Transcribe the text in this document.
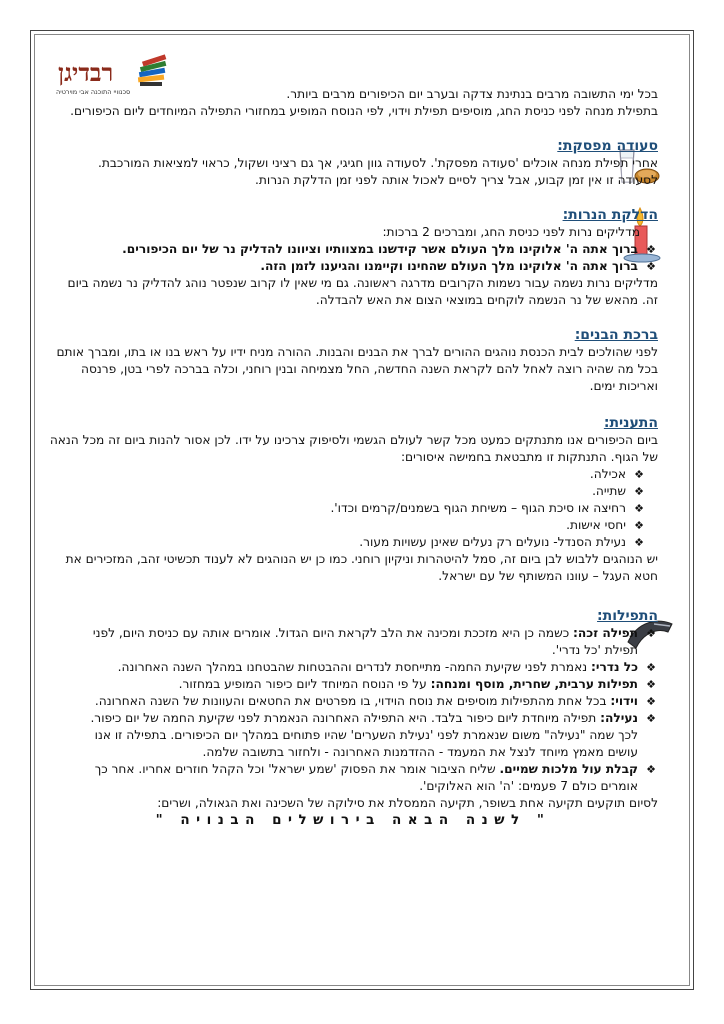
רבדיגן
סכנוויי התוכנה אבי מוירטיה	בכל ימי התשובה מרבים בנתינת צדקה ובערב יום הכיפורים מרבים ביותר.

בתפילת מנחה לפני כניסת החג, מוסיפים תפילת וידוי, לפי הנוסח המופיע במחזורי התפילה המיוחדים ליום הכיפורים.

סעודה מפסקת:

אחרי תפילת מנחה אוכלים 'סעודה מפסקת'. לסעודה גוון חגיגי, אך גם רציני ושקול, כראוי למציאות המורכבת. לסעודה זו אין זמן קבוע, אבל צריך לסיים לאכול אותה לפני זמן הדלקת הנרות.

הדלקת הנרות:

מדליקים נרות לפני כניסת החג, ומברכים 2 ברכות:

❖
ברוך אתה ה' אלוקינו מלך העולם אשר קידשנו במצוותיו וציוונו להדליק נר של יום הכיפורים.
❖
ברוך אתה ה' אלוקינו מלך העולם שהחינו וקיימנו והגיענו לזמן הזה.

מדליקים נרות נשמה עבור נשמות הקרובים מדרגה ראשונה. גם מי שאין לו קרוב שנפטר נוהג להדליק נר נשמה ביום זה. מהאש של נר הנשמה לוקחים במוצאי הצום את האש להבדלה.

ברכת הבנים:

לפני שהולכים לבית הכנסת נוהגים ההורים לברך את הבנים והבנות. ההורה מניח ידיו על ראש בנו או בתו, ומברך אותם בכל מה שהיה רוצה לאחל להם לקראת השנה החדשה, החל מצמיחה ובנין רוחני, וכלה בברכה לפרי בטן, פרנסה ואריכות ימים.

התענית:

ביום הכיפורים אנו מתנתקים כמעט מכל קשר לעולם הגשמי ולסיפוק צרכינו על ידו. לכן אסור להנות ביום זה מכל הנאה של הגוף. התנתקות זו מתבטאת בחמישה איסורים:

❖
אכילה.
❖
שתייה.
❖
רחיצה או סיכת הגוף – משיחת הגוף בשמנים/קרמים וכדו'.
❖
יחסי אישות.
❖
נעילת הסנדל- נועלים רק נעלים שאינן עשויות מעור.

יש הנוהגים ללבוש לבן ביום זה, סמל להיטהרות וניקיון רוחני. כמו כן יש הנוהגים לא לענוד תכשיטי זהב, המזכירים את חטא העגל – עוונו המשותף של עם ישראל.

התפילות:

❖
תפילה זכה: כשמה כן היא מזככת ומכינה את הלב לקראת היום הגדול. אומרים אותה עם כניסת היום, לפני תפילת 'כל נדרי'.
❖
כל נדרי: נאמרת לפני שקיעת החמה- מתייחסת לנדרים וההבטחות שהבטחנו במהלך השנה האחרונה.
❖
תפילות ערבית, שחרית, מוסף ומנחה: על פי הנוסח המיוחד ליום כיפור המופיע במחזור.
❖
וידוי: בכל אחת מהתפילות מוסיפים את נוסח הוידוי, בו מפרטים את החטאים והעוונות של השנה האחרונה.
❖
נעילה: תפילה מיוחדת ליום כיפור בלבד. היא התפילה האחרונה הנאמרת לפני שקיעת החמה של יום כיפור. לכך שמה "נעילה" משום שנאמרת לפני 'נעילת השערים' שהיו פתוחים במהלך יום הכיפורים. בתפילה זו אנו עושים מאמץ מיוחד לנצל את המעמד - ההזדמנות האחרונה - ולחזור בתשובה שלמה.
❖
קבלת עול מלכות שמיים. שליח הציבור אומר את הפסוק 'שמע ישראל' וכל הקהל חוזרים אחריו. אחר כך אומרים כולם 7 פעמים: 'ה' הוא האלוקים'.

לסיום תוקעים תקיעה אחת בשופר, תקיעה הממסלת את סילוקה של השכינה ואת הגאולה, ושרים:

" לשנה הבאה בירושלים הבנויה "
